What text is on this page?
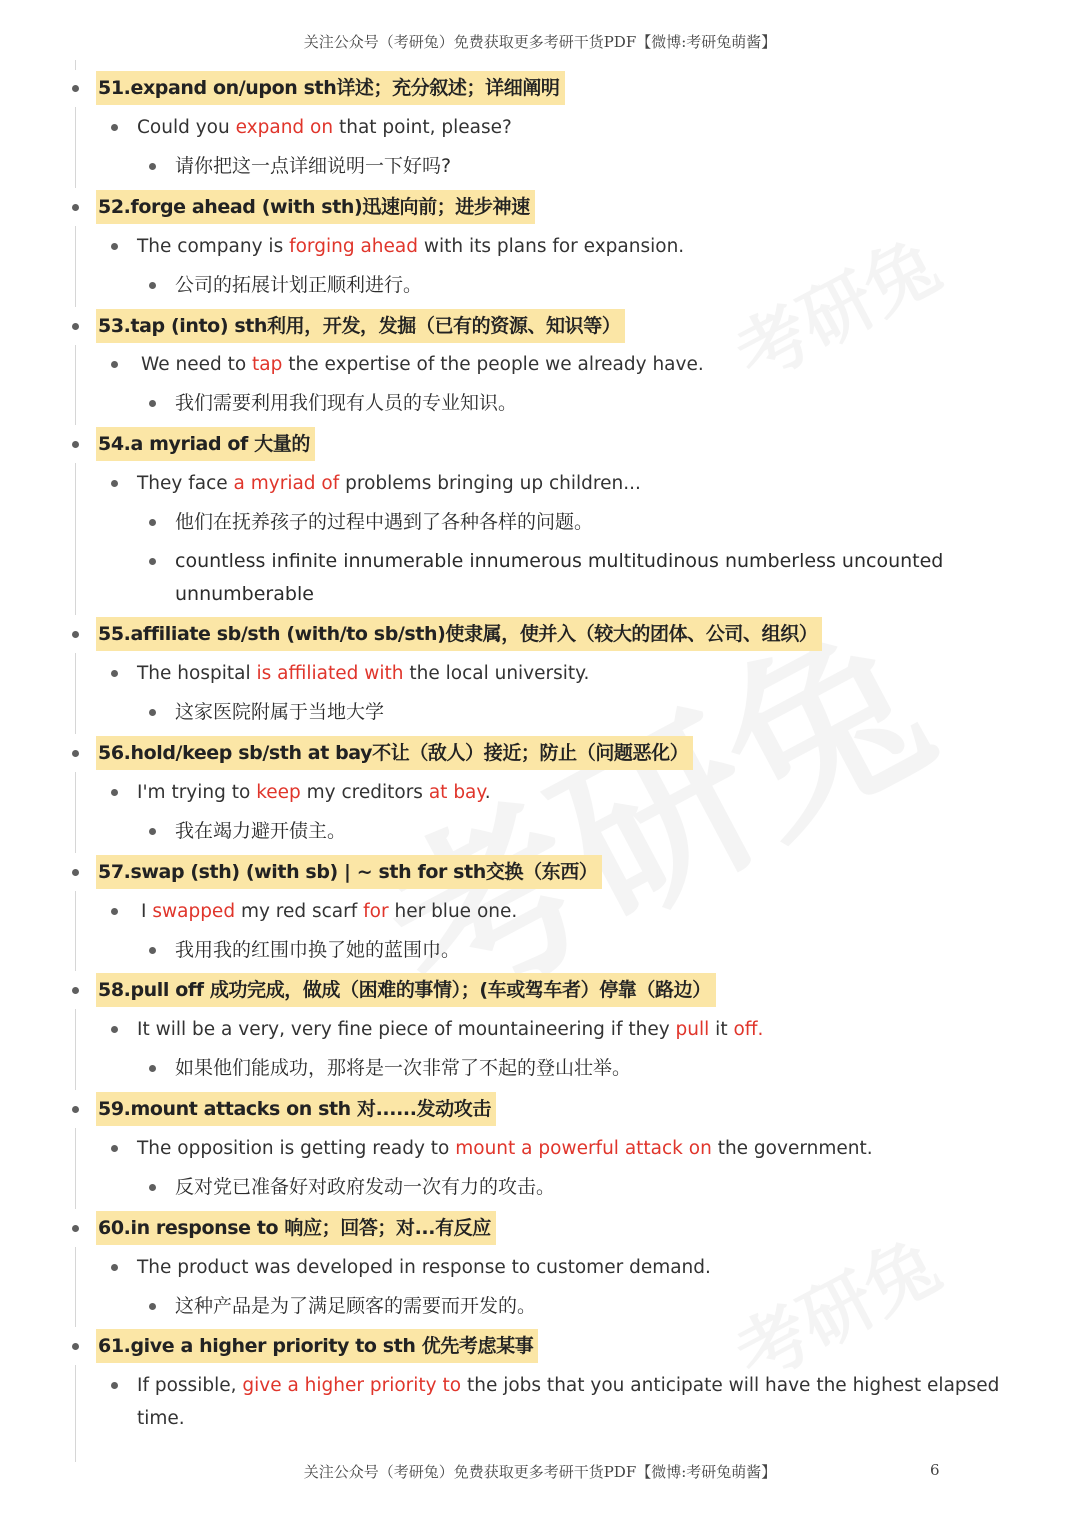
关注公众号（考研兔）免费获取更多考研干货PDF【微博:考研兔萌酱】
51.expand on/upon sth详述；充分叙述；详细阐明
Could you expand on that point, please?
请你把这一点详细说明一下好吗?
52.forge ahead (with sth)迅速向前；进步神速
The company is forging ahead with its plans for expansion.
公司的拓展计划正顺利进行。
53.tap (into) sth利用，开发，发掘（已有的资源、知识等）
We need to tap the expertise of the people we already have.
我们需要利用我们现有人员的专业知识。
54.a myriad of 大量的
They face a myriad of problems bringing up children...
他们在抚养孩子的过程中遇到了各种各样的问题。
countless infinite innumerable innumerous multitudinous numberless uncounted unnumberable
55.affiliate sb/sth (with/to sb/sth)使隶属，使并入（较大的团体、公司、组织）
The hospital is affiliated with the local university.
这家医院附属于当地大学
56.hold/keep sb/sth at bay不让（敌人）接近；防止（问题恶化）
I'm trying to keep my creditors at bay.
我在竭力避开债主。
57.swap (sth) (with sb) | ~ sth for sth交换（东西）
I swapped my red scarf for her blue one.
我用我的红围巾换了她的蓝围巾。
58.pull off 成功完成，做成（困难的事情）；(车或驾车者）停靠（路边）
It will be a very, very fine piece of mountaineering if they pull it off.
如果他们能成功，那将是一次非常了不起的登山壮举。
59.mount attacks on sth 对......发动攻击
The opposition is getting ready to mount a powerful attack on the government.
反对党已准备好对政府发动一次有力的攻击。
60.in response to 响应；回答；对...有反应
The product was developed in response to customer demand.
这种产品是为了满足顾客的需要而开发的。
61.give a higher priority to sth 优先考虑某事
If possible, give a higher priority to the jobs that you anticipate will have the highest elapsed time.
关注公众号（考研兔）免费获取更多考研干货PDF【微博:考研兔萌酱】	6
